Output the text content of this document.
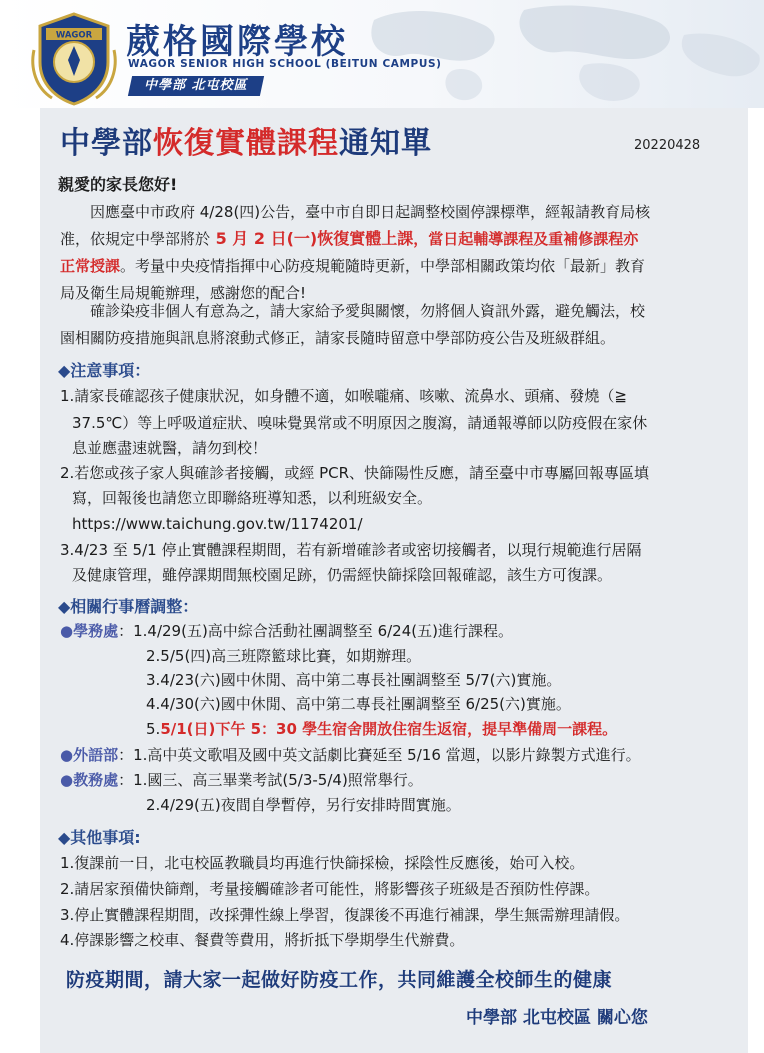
WAGOR 葳格國際學校
WAGOR SENIOR HIGH SCHOOL (BEITUN CAMPUS)
中學部 北屯校區
中學部恢復實體課程通知單	20220428
親愛的家長您好!
因應臺中市政府 4/28(四)公告，臺中市自即日起調整校園停課標準，經報請教育局核
准，依規定中學部將於 5 月 2 日(一)恢復實體上課，當日起輔導課程及重補修課程亦
正常授課。考量中央疫情指揮中心防疫規範隨時更新，中學部相關政策均依「最新」教育
局及衛生局規範辦理，感謝您的配合!
確診染疫非個人有意為之，請大家給予愛與關懷，勿將個人資訊外露，避免觸法，校
園相關防疫措施與訊息將滾動式修正，請家長隨時留意中學部防疫公告及班級群組。
◆注意事項：
1.請家長確認孩子健康狀況，如身體不適，如喉嚨痛、咳嗽、流鼻水、頭痛、發燒（≧
37.5℃）等上呼吸道症狀、嗅味覺異常或不明原因之腹瀉，請通報導師以防疫假在家休
息並應盡速就醫，請勿到校！
2.若您或孩子家人與確診者接觸，或經 PCR、快篩陽性反應，請至臺中市專屬回報專區填
寫，回報後也請您立即聯絡班導知悉，以利班級安全。
https://www.taichung.gov.tw/1174201/
3.4/23 至 5/1 停止實體課程期間，若有新增確診者或密切接觸者，以現行規範進行居隔
及健康管理，雖停課期間無校園足跡，仍需經快篩採陰回報確認，該生方可復課。
◆相關行事曆調整：
●學務處：1.4/29(五)高中綜合活動社團調整至 6/24(五)進行課程。
2.5/5(四)高三班際籃球比賽，如期辦理。
3.4/23(六)國中休閒、高中第二專長社團調整至 5/7(六)實施。
4.4/30(六)國中休閒、高中第二專長社團調整至 6/25(六)實施。
5.5/1(日)下午 5：30 學生宿舍開放住宿生返宿，提早準備周一課程。
●外語部：1.高中英文歌唱及國中英文話劇比賽延至 5/16 當週，以影片錄製方式進行。
●教務處：1.國三、高三畢業考試(5/3-5/4)照常舉行。
2.4/29(五)夜間自學暫停，另行安排時間實施。
◆其他事項:
1.復課前一日，北屯校區教職員均再進行快篩採檢，採陰性反應後，始可入校。
2.請居家預備快篩劑，考量接觸確診者可能性，將影響孩子班級是否預防性停課。
3.停止實體課程期間，改採彈性線上學習，復課後不再進行補課，學生無需辦理請假。
4.停課影響之校車、餐費等費用，將折抵下學期學生代辦費。
防疫期間，請大家一起做好防疫工作，共同維護全校師生的健康
中學部 北屯校區 關心您
